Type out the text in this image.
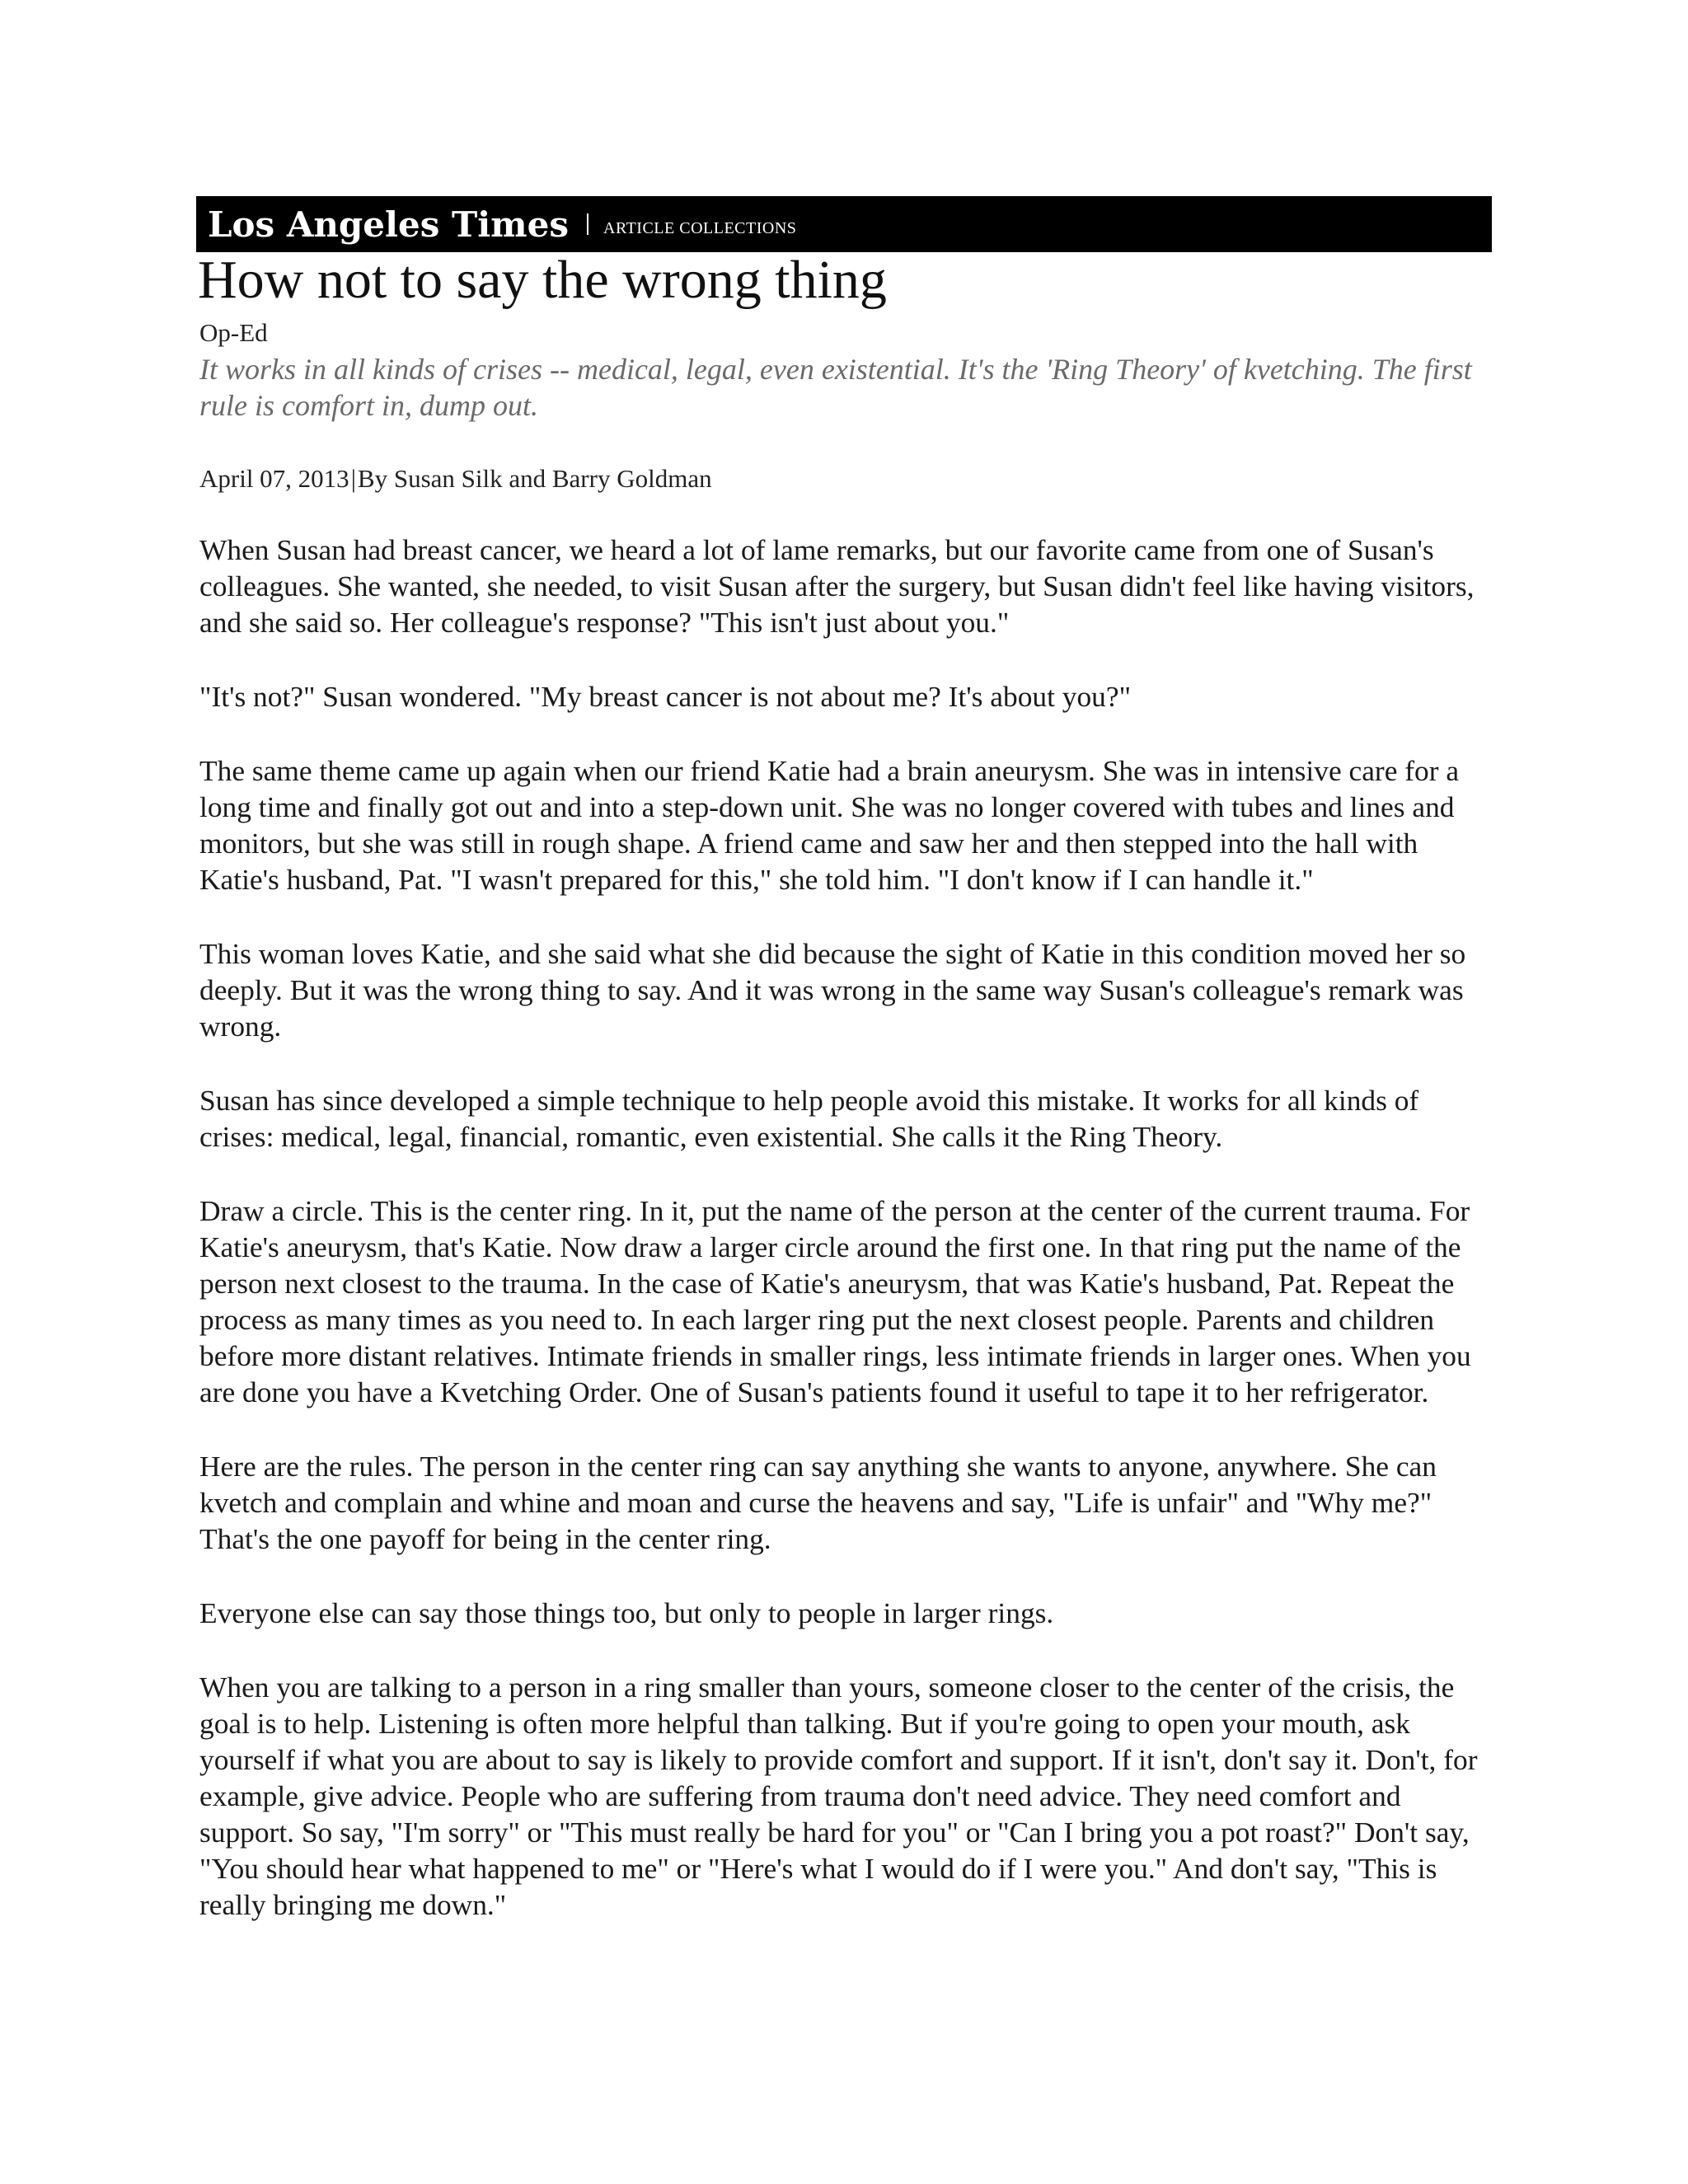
Los Angeles Times ARTICLE COLLECTIONS
How not to say the wrong thing
Op-Ed
It works in all kinds of crises -- medical, legal, even existential. It's the 'Ring Theory' of kvetching. The first rule is comfort in, dump out.
April 07, 2013|By Susan Silk and Barry Goldman

When Susan had breast cancer, we heard a lot of lame remarks, but our favorite came from one of Susan's colleagues. She wanted, she needed, to visit Susan after the surgery, but Susan didn't feel like having visitors, and she said so. Her colleague's response? "This isn't just about you."

"It's not?" Susan wondered. "My breast cancer is not about me? It's about you?"

The same theme came up again when our friend Katie had a brain aneurysm. She was in intensive care for a long time and finally got out and into a step-down unit. She was no longer covered with tubes and lines and monitors, but she was still in rough shape. A friend came and saw her and then stepped into the hall with Katie's husband, Pat. "I wasn't prepared for this," she told him. "I don't know if I can handle it."

This woman loves Katie, and she said what she did because the sight of Katie in this condition moved her so deeply. But it was the wrong thing to say. And it was wrong in the same way Susan's colleague's remark was wrong.

Susan has since developed a simple technique to help people avoid this mistake. It works for all kinds of crises: medical, legal, financial, romantic, even existential. She calls it the Ring Theory.

Draw a circle. This is the center ring. In it, put the name of the person at the center of the current trauma. For Katie's aneurysm, that's Katie. Now draw a larger circle around the first one. In that ring put the name of the person next closest to the trauma. In the case of Katie's aneurysm, that was Katie's husband, Pat. Repeat the process as many times as you need to. In each larger ring put the next closest people. Parents and children before more distant relatives. Intimate friends in smaller rings, less intimate friends in larger ones. When you are done you have a Kvetching Order. One of Susan's patients found it useful to tape it to her refrigerator.

Here are the rules. The person in the center ring can say anything she wants to anyone, anywhere. She can kvetch and complain and whine and moan and curse the heavens and say, "Life is unfair" and "Why me?" That's the one payoff for being in the center ring.

Everyone else can say those things too, but only to people in larger rings.

When you are talking to a person in a ring smaller than yours, someone closer to the center of the crisis, the goal is to help. Listening is often more helpful than talking. But if you're going to open your mouth, ask yourself if what you are about to say is likely to provide comfort and support. If it isn't, don't say it. Don't, for example, give advice. People who are suffering from trauma don't need advice. They need comfort and support. So say, "I'm sorry" or "This must really be hard for you" or "Can I bring you a pot roast?" Don't say, "You should hear what happened to me" or "Here's what I would do if I were you." And don't say, "This is really bringing me down."
